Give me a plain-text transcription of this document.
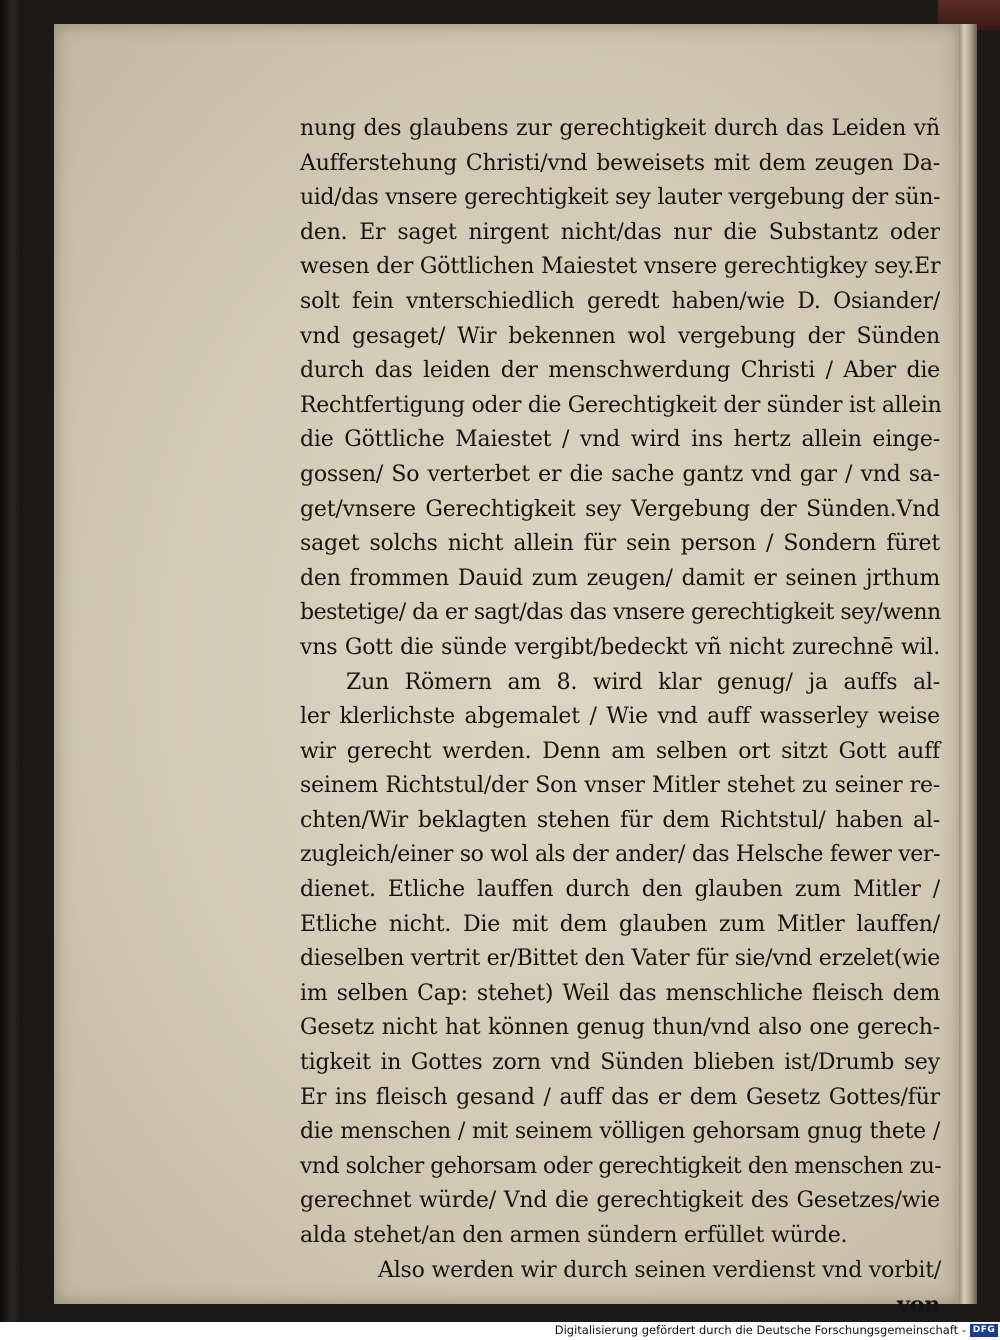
nung des glaubens zur gerechtigkeit durch das Leiden vñ
Aufferstehung Christi/vnd beweisets mit dem zeugen Da-
uid/das vnsere gerechtigkeit sey lauter vergebung der sün-
den. Er saget nirgent nicht/das nur die Substantz oder
wesen der Göttlichen Maiestet vnsere gerechtigkey sey.Er
solt fein vnterschiedlich geredt haben/wie D. Osiander/
vnd gesaget/ Wir bekennen wol vergebung der Sünden
durch das leiden der menschwerdung Christi / Aber die
Rechtfertigung oder die Gerechtigkeit der sünder ist allein
die Göttliche Maiestet / vnd wird ins hertz allein einge-
gossen/ So verterbet er die sache gantz vnd gar / vnd sa-
get/vnsere Gerechtigkeit sey Vergebung der Sünden.Vnd
saget solchs nicht allein für sein person / Sondern füret
den frommen Dauid zum zeugen/ damit er seinen jrthum
bestetige/ da er sagt/das das vnsere gerechtigkeit sey/wenn
vns Gott die sünde vergibt/bedeckt vñ nicht zurechnē wil.
Zun Römern am 8. wird klar genug/ ja auffs al-
ler klerlichste abgemalet / Wie vnd auff wasserley weise
wir gerecht werden. Denn am selben ort sitzt Gott auff
seinem Richtstul/der Son vnser Mitler stehet zu seiner re-
chten/Wir beklagten stehen für dem Richtstul/ haben al-
zugleich/einer so wol als der ander/ das Helsche fewer ver-
dienet. Etliche lauffen durch den glauben zum Mitler /
Etliche nicht. Die mit dem glauben zum Mitler lauffen/
dieselben vertrit er/Bittet den Vater für sie/vnd erzelet(wie
im selben Cap: stehet) Weil das menschliche fleisch dem
Gesetz nicht hat können genug thun/vnd also one gerech-
tigkeit in Gottes zorn vnd Sünden blieben ist/Drumb sey
Er ins fleisch gesand / auff das er dem Gesetz Gottes/für
die menschen / mit seinem völligen gehorsam gnug thete /
vnd solcher gehorsam oder gerechtigkeit den menschen zu-
gerechnet würde/ Vnd die gerechtigkeit des Gesetzes/wie
alda stehet/an den armen sündern erfüllet würde.
Also werden wir durch seinen verdienst vnd vorbit/
von
Digitalisierung gefördert durch die Deutsche Forschungsgemeinschaft - DFG
